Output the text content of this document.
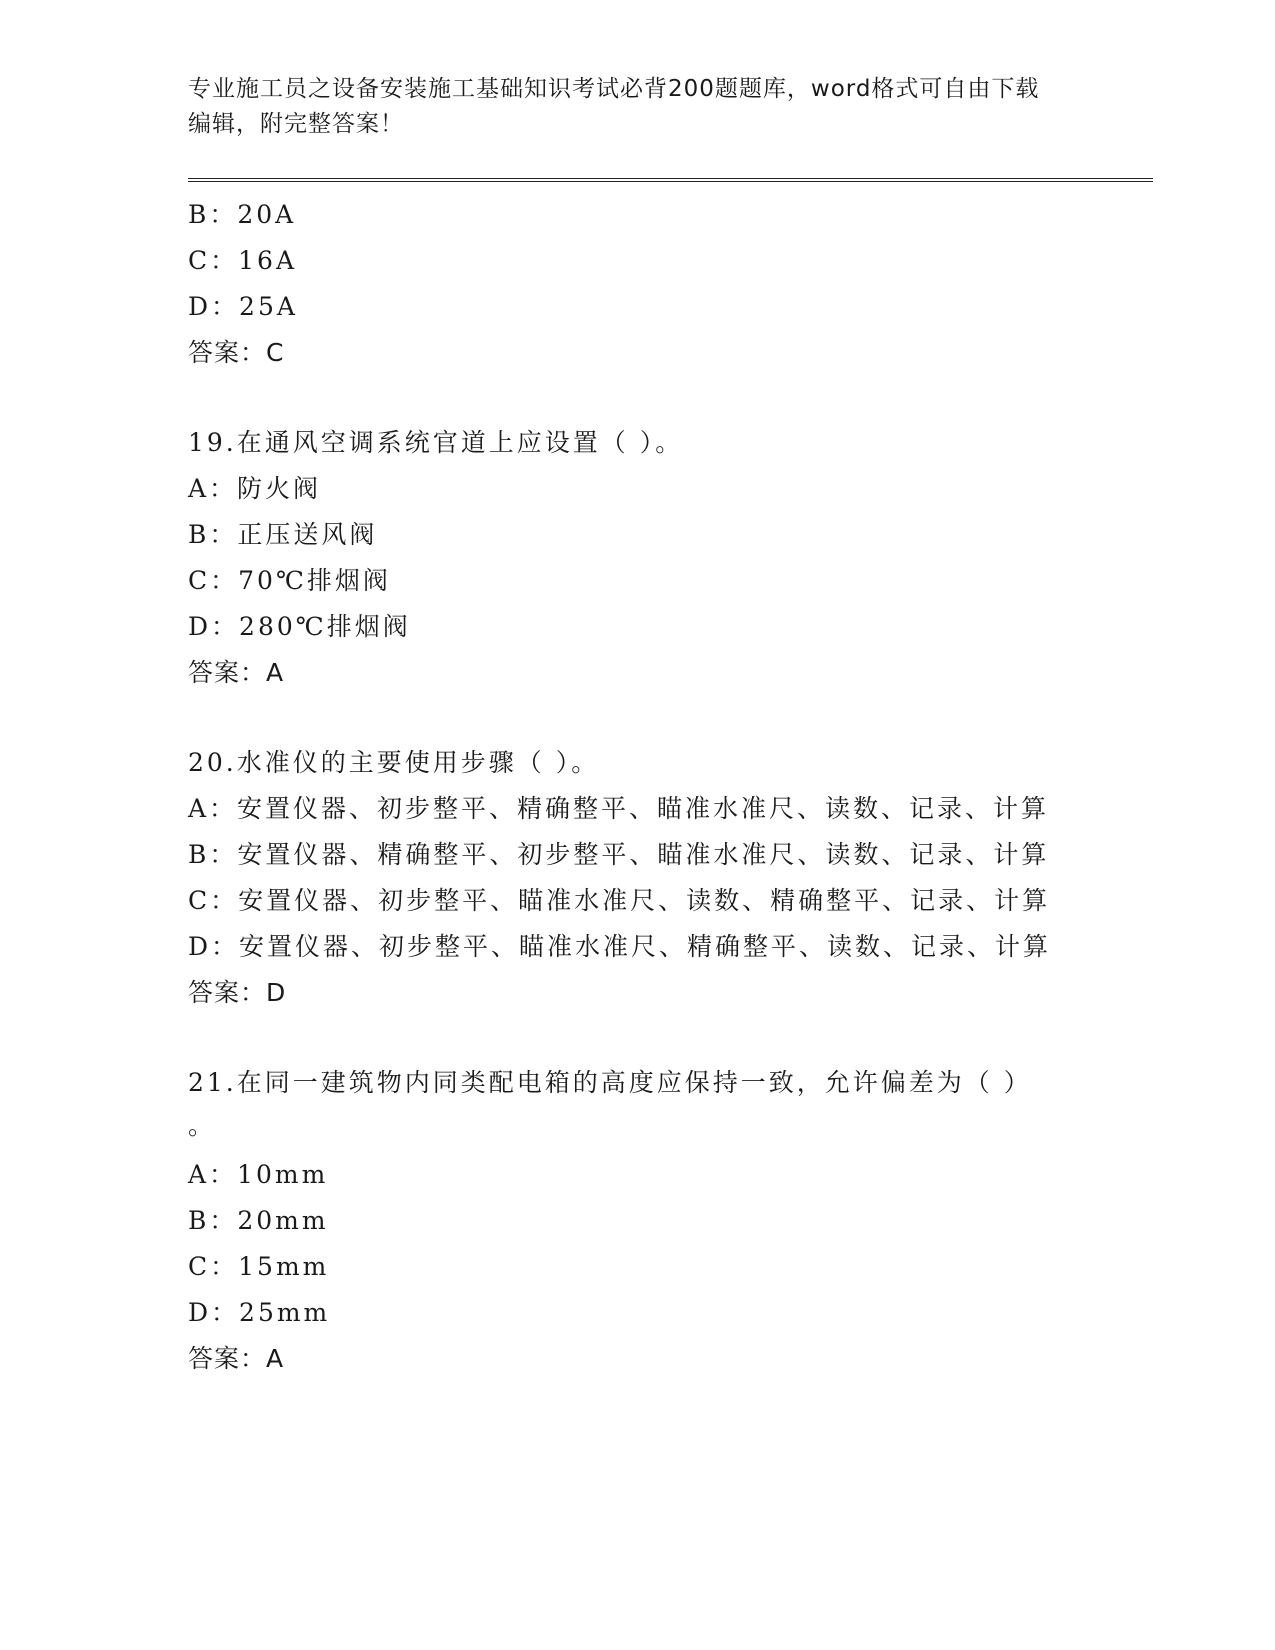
专业施工员之设备安装施工基础知识考试必背200题题库，word格式可自由下载
编辑，附完整答案！
B：20A
C：16A
D：25A
答案：C
19.在通风空调系统官道上应设置（ ）。
A：防火阀
B：正压送风阀
C：70℃排烟阀
D：280℃排烟阀
答案：A
20.水准仪的主要使用步骤（ ）。
A：安置仪器、初步整平、精确整平、瞄准水准尺、读数、记录、计算
B：安置仪器、精确整平、初步整平、瞄准水准尺、读数、记录、计算
C：安置仪器、初步整平、瞄准水准尺、读数、精确整平、记录、计算
D：安置仪器、初步整平、瞄准水准尺、精确整平、读数、记录、计算
答案：D
21.在同一建筑物内同类配电箱的高度应保持一致，允许偏差为（ ）
。
A：10mm
B：20mm
C：15mm
D：25mm
答案：A
